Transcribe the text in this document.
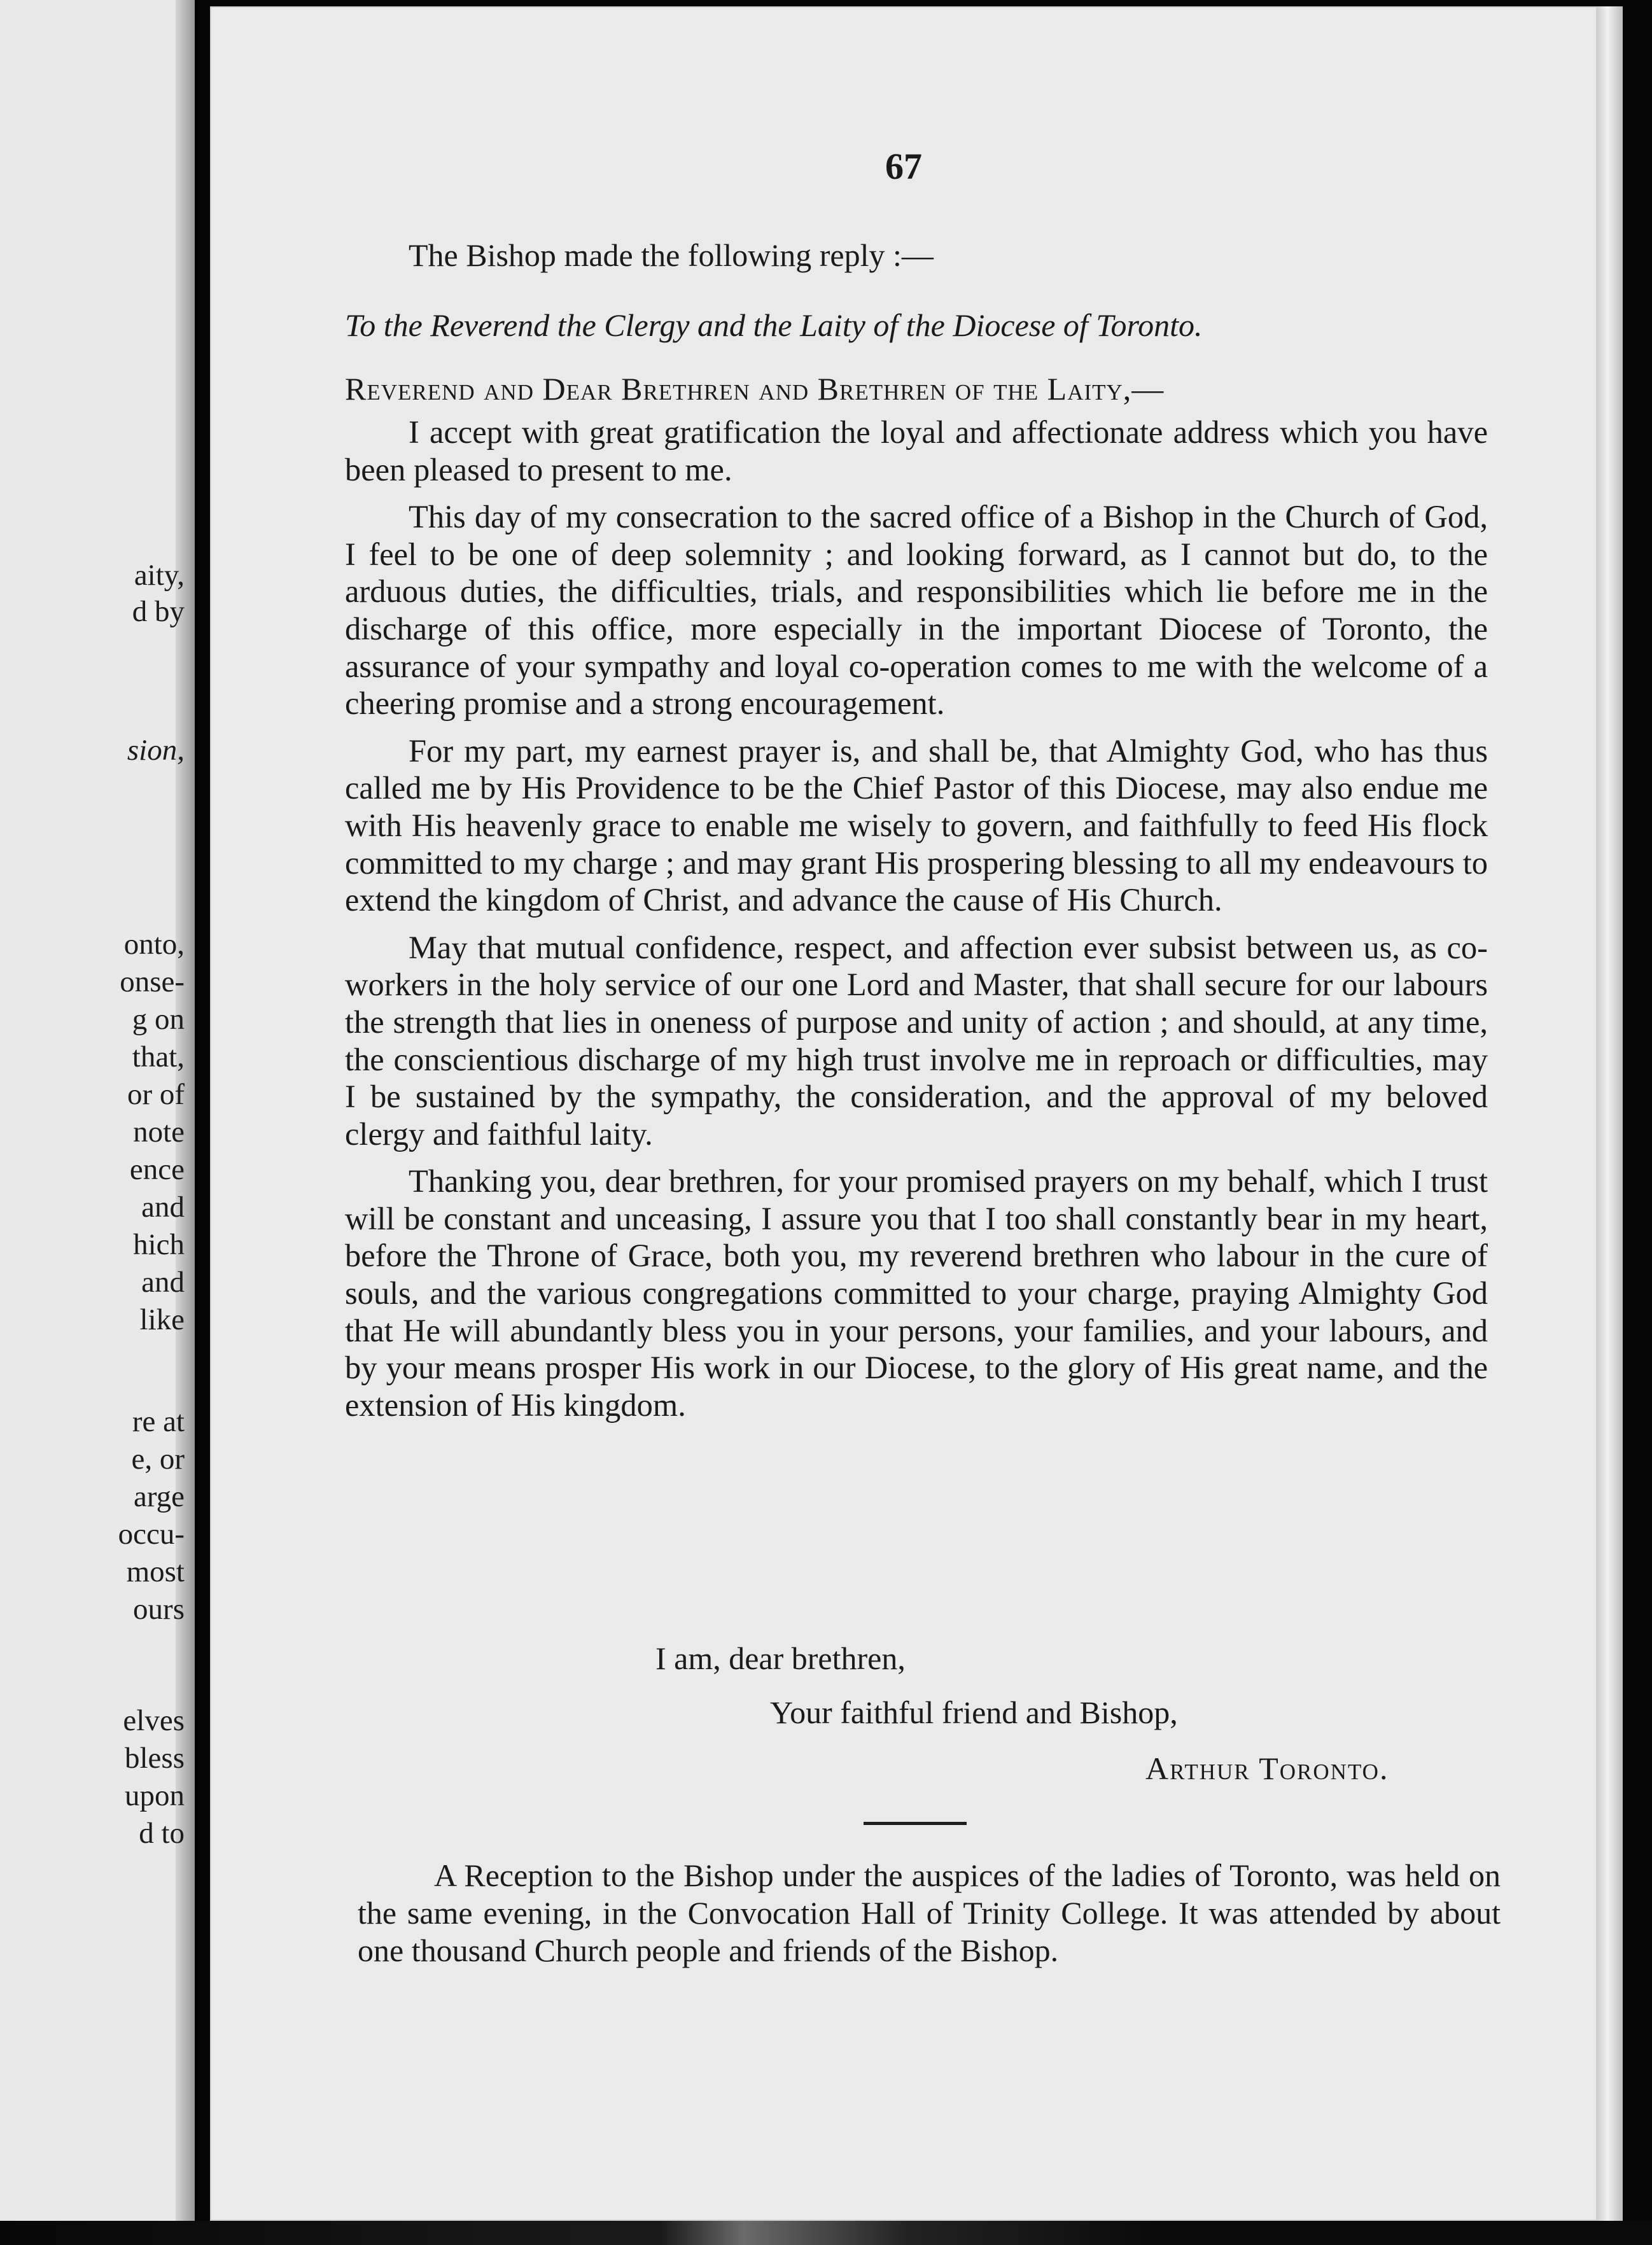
aity,
d by
sion,
onto,
onse-
g on
that,
or of
note
ence
and
hich
and
like
re at
e, or
arge
occu-
most
ours
elves
bless
upon
d to
67
The Bishop made the following reply :—
To the Reverend the Clergy and the Laity of the Diocese of Toronto.
Reverend and Dear Brethren and Brethren of the Laity,—

I accept with great gratification the loyal and affectionate address which you have been pleased to present to me.

This day of my consecration to the sacred office of a Bishop in the Church of God, I feel to be one of deep solemnity ; and looking forward, as I cannot but do, to the arduous duties, the difficulties, trials, and responsibilities which lie before me in the discharge of this office, more especially in the important Diocese of Toronto, the assurance of your sympathy and loyal co-operation comes to me with the welcome of a cheering promise and a strong encouragement.

For my part, my earnest prayer is, and shall be, that Almighty God, who has thus called me by His Providence to be the Chief Pastor of this Diocese, may also endue me with His heavenly grace to enable me wisely to govern, and faithfully to feed His flock committed to my charge ; and may grant His prospering blessing to all my endeavours to extend the kingdom of Christ, and advance the cause of His Church.

May that mutual confidence, respect, and affection ever subsist between us, as co-workers in the holy service of our one Lord and Master, that shall secure for our labours the strength that lies in oneness of purpose and unity of action ; and should, at any time, the conscientious discharge of my high trust involve me in reproach or difficulties, may I be sustained by the sympathy, the consideration, and the approval of my beloved clergy and faithful laity.

Thanking you, dear brethren, for your promised prayers on my behalf, which I trust will be constant and unceasing, I assure you that I too shall constantly bear in my heart, before the Throne of Grace, both you, my reverend brethren who labour in the cure of souls, and the various congregations committed to your charge, praying Almighty God that He will abundantly bless you in your persons, your families, and your labours, and by your means prosper His work in our Diocese, to the glory of His great name, and the extension of His kingdom.

I am, dear brethren,
Your faithful friend and Bishop,
Arthur Toronto.

A Reception to the Bishop under the auspices of the ladies of Toronto, was held on the same evening, in the Convocation Hall of Trinity College. It was attended by about one thousand Church people and friends of the Bishop.
